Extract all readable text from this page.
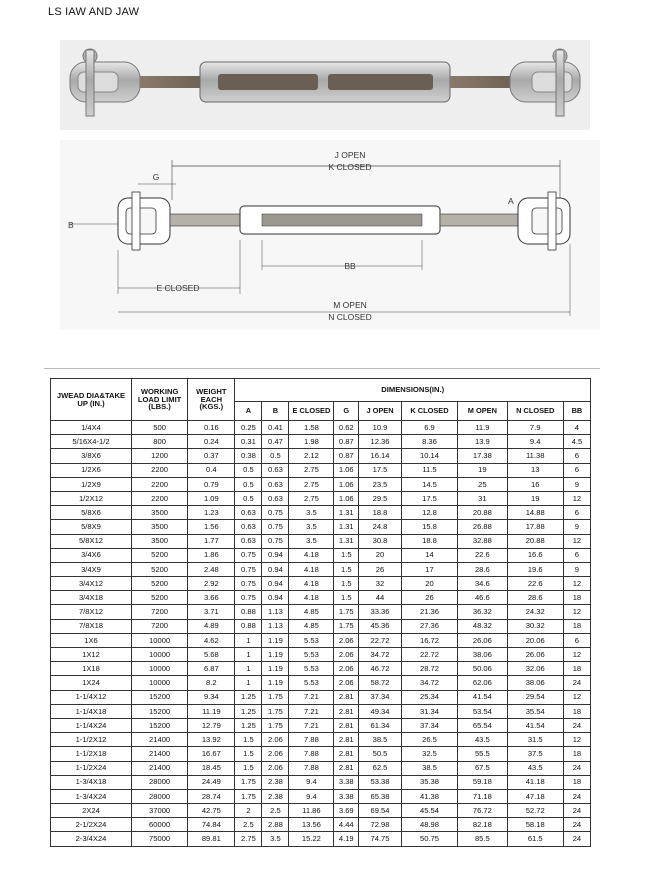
LS IAW AND JAW
J OPEN
K CLOSED
G
B
A
BB
E CLOSED
M OPEN
N CLOSED
JWEAD DIA&TAKE UP (IN.)	WORKING LOAD LIMIT (LBS.)	WEIGHT EACH (KGS.)	DIMENSIONS(IN.)								
			A	B	E CLOSED	G	J OPEN	K CLOSED	M OPEN	N CLOSED	BB
1/4X4	500	0.16	0.25	0.41	1.58	0.62	10.9	6.9	11.9	7.9	4
5/16X4-1/2	800	0.24	0.31	0.47	1.98	0.87	12.36	8.36	13.9	9.4	4.5
3/8X6	1200	0.37	0.38	0.5	2.12	0.87	16.14	10.14	17.38	11.38	6
1/2X6	2200	0.4	0.5	0.63	2.75	1.06	17.5	11.5	19	13	6
1/2X9	2200	0.79	0.5	0.63	2.75	1.06	23.5	14.5	25	16	9
1/2X12	2200	1.09	0.5	0.63	2.75	1.06	29.5	17.5	31	19	12
5/8X6	3500	1.23	0.63	0.75	3.5	1.31	18.8	12.8	20.88	14.88	6
5/8X9	3500	1.56	0.63	0.75	3.5	1.31	24.8	15.8	26.88	17.88	9
5/8X12	3500	1.77	0.63	0.75	3.5	1.31	30.8	18.8	32.88	20.88	12
3/4X6	5200	1.86	0.75	0.94	4.18	1.5	20	14	22.6	16.6	6
3/4X9	5200	2.48	0.75	0.94	4.18	1.5	26	17	28.6	19.6	9
3/4X12	5200	2.92	0.75	0.94	4.18	1.5	32	20	34.6	22.6	12
3/4X18	5200	3.66	0.75	0.94	4.18	1.5	44	26	46.6	28.6	18
7/8X12	7200	3.71	0.88	1.13	4.85	1.75	33.36	21.36	36.32	24.32	12
7/8X18	7200	4.89	0.88	1.13	4.85	1.75	45.36	27.36	48.32	30.32	18
1X6	10000	4.62	1	1.19	5.53	2.06	22.72	16.72	26.06	20.06	6
1X12	10000	5.68	1	1.19	5.53	2.06	34.72	22.72	38.06	26.06	12
1X18	10000	6.87	1	1.19	5.53	2.06	46.72	28.72	50.06	32.06	18
1X24	10000	8.2	1	1.19	5.53	2.06	58.72	34.72	62.06	38.06	24
1-1/4X12	15200	9.34	1.25	1.75	7.21	2.81	37.34	25.34	41.54	29.54	12
1-1/4X18	15200	11.19	1.25	1.75	7.21	2.81	49.34	31.34	53.54	35.54	18
1-1/4X24	15200	12.79	1.25	1.75	7.21	2.81	61.34	37.34	65.54	41.54	24
1-1/2X12	21400	13.92	1.5	2.06	7.88	2.81	38.5	26.5	43.5	31.5	12
1-1/2X18	21400	16.67	1.5	2.06	7.88	2.81	50.5	32.5	55.5	37.5	18
1-1/2X24	21400	18.45	1.5	2.06	7.88	2.81	62.5	38.5	67.5	43.5	24
1-3/4X18	28000	24.49	1.75	2.38	9.4	3.38	53.38	35.38	59.18	41.18	18
1-3/4X24	28000	28.74	1.75	2.38	9.4	3.38	65.38	41.38	71.18	47.18	24
2X24	37000	42.75	2	2.5	11.86	3.69	69.54	45.54	76.72	52.72	24
2-1/2X24	60000	74.84	2.5	2.88	13.56	4.44	72.98	48.98	82.18	58.18	24
2-3/4X24	75000	89.81	2.75	3.5	15.22	4.19	74.75	50.75	85.5	61.5	24
